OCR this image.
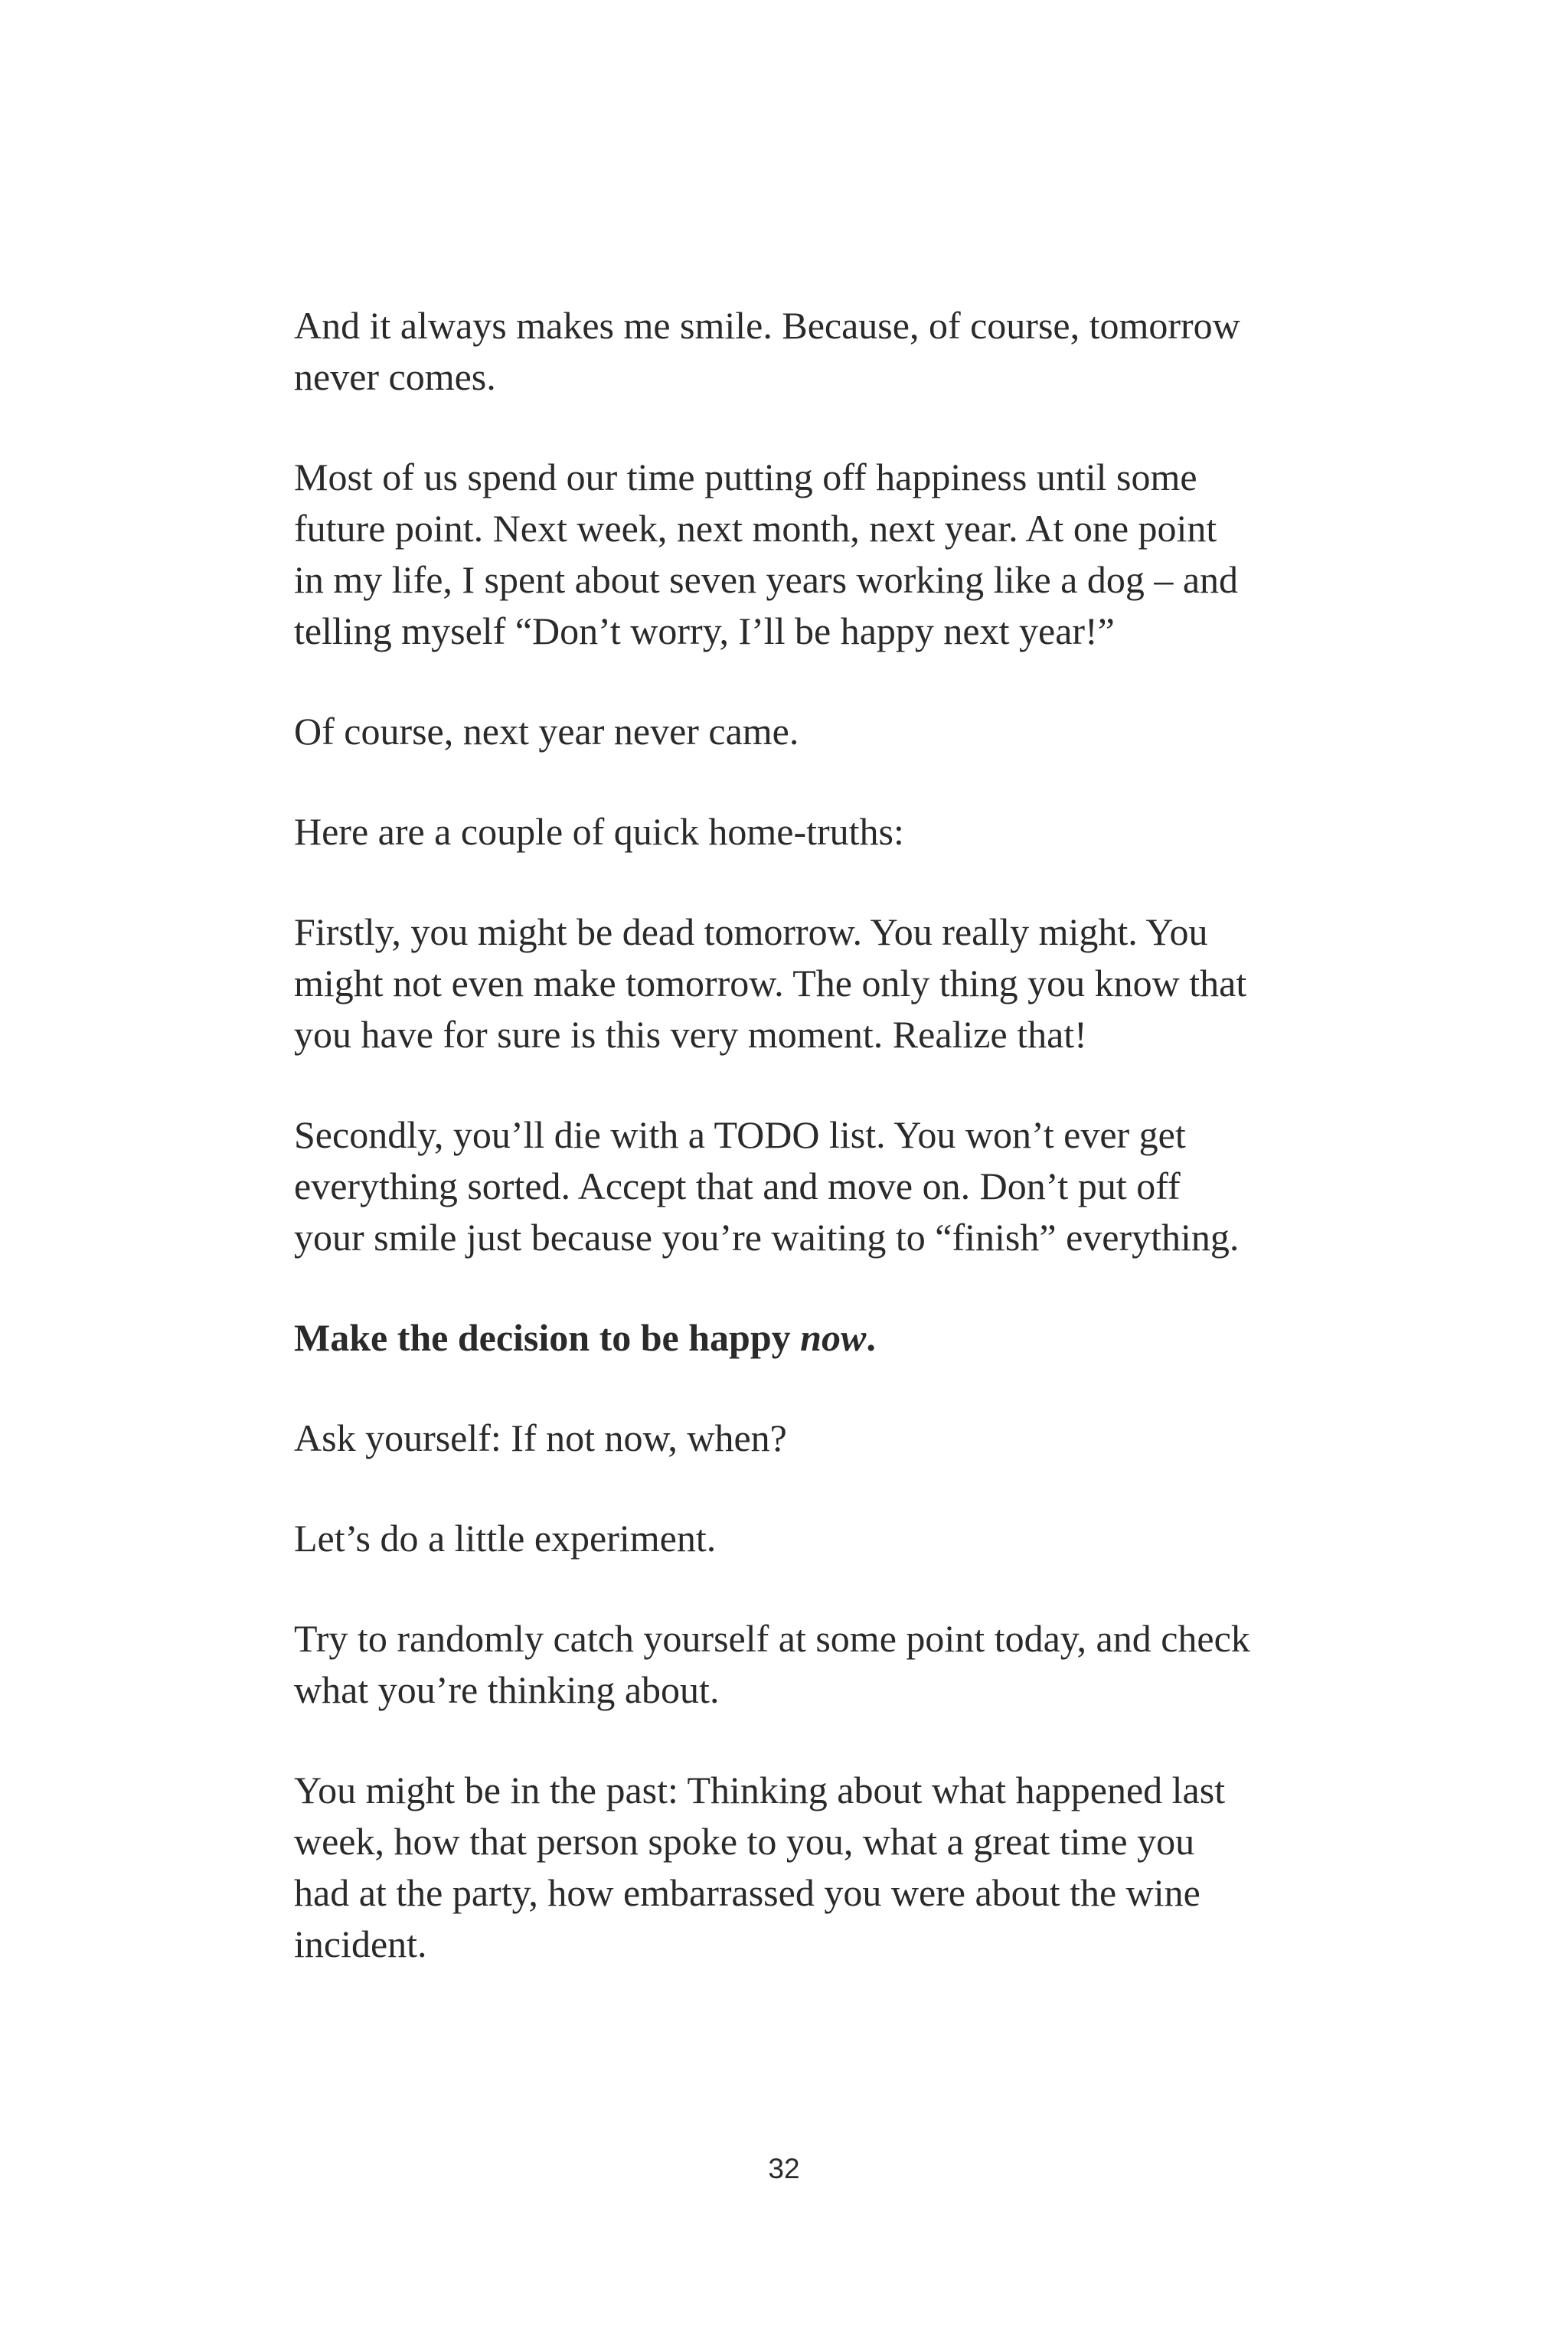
And it always makes me smile. Because, of course, tomorrow
never comes.

Most of us spend our time putting off happiness until some
future point. Next week, next month, next year. At one point
in my life, I spent about seven years working like a dog – and
telling myself “Don’t worry, I’ll be happy next year!”

Of course, next year never came.

Here are a couple of quick home-truths:

Firstly, you might be dead tomorrow. You really might. You
might not even make tomorrow. The only thing you know that
you have for sure is this very moment. Realize that!

Secondly, you’ll die with a TODO list. You won’t ever get
everything sorted. Accept that and move on. Don’t put off
your smile just because you’re waiting to “finish” everything.

Make the decision to be happy now.

Ask yourself: If not now, when?

Let’s do a little experiment.

Try to randomly catch yourself at some point today, and check
what you’re thinking about.

You might be in the past: Thinking about what happened last
week, how that person spoke to you, what a great time you
had at the party, how embarrassed you were about the wine
incident.

32
